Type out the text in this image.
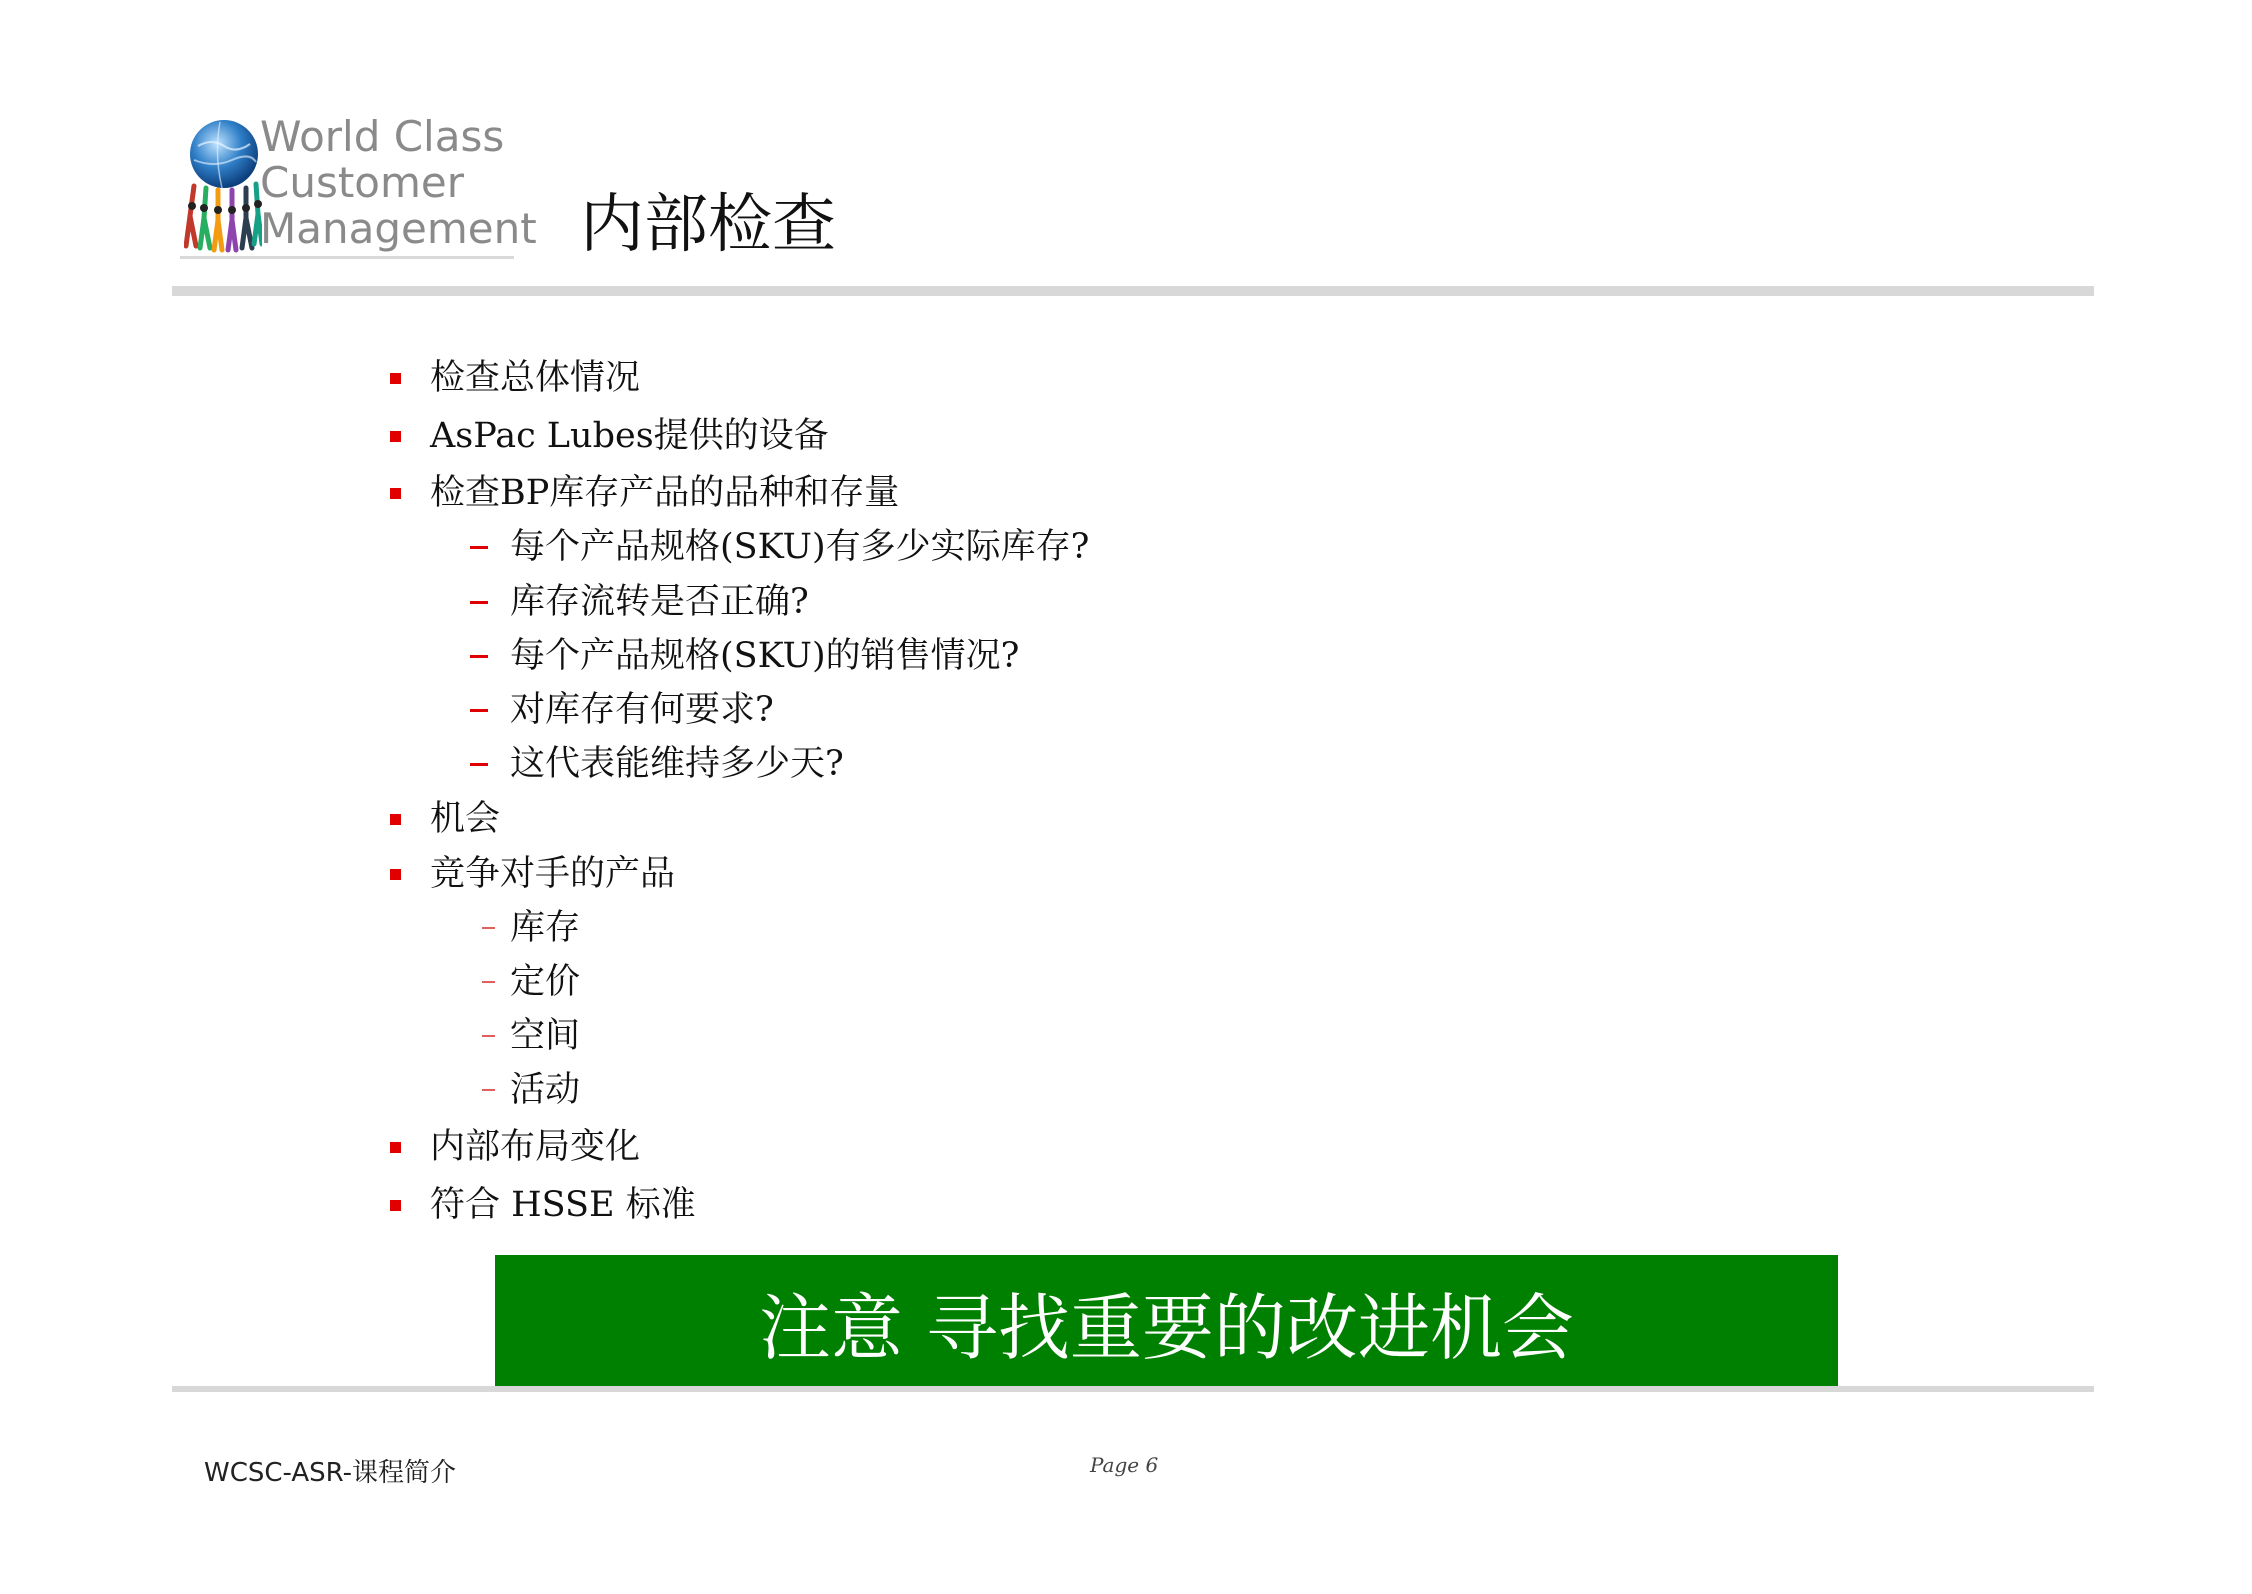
World Class
Customer
Management 内部检查
检查总体情况
AsPac Lubes提供的设备
检查BP库存产品的品种和存量
每个产品规格(SKU)有多少实际库存?
库存流转是否正确?
每个产品规格(SKU)的销售情况?
对库存有何要求?
这代表能维持多少天?
机会
竞争对手的产品
库存
定价
空间
活动
内部布局变化
符合 HSSE 标准
注意 寻找重要的改进机会
WCSC-ASR-课程简介	Page 6
